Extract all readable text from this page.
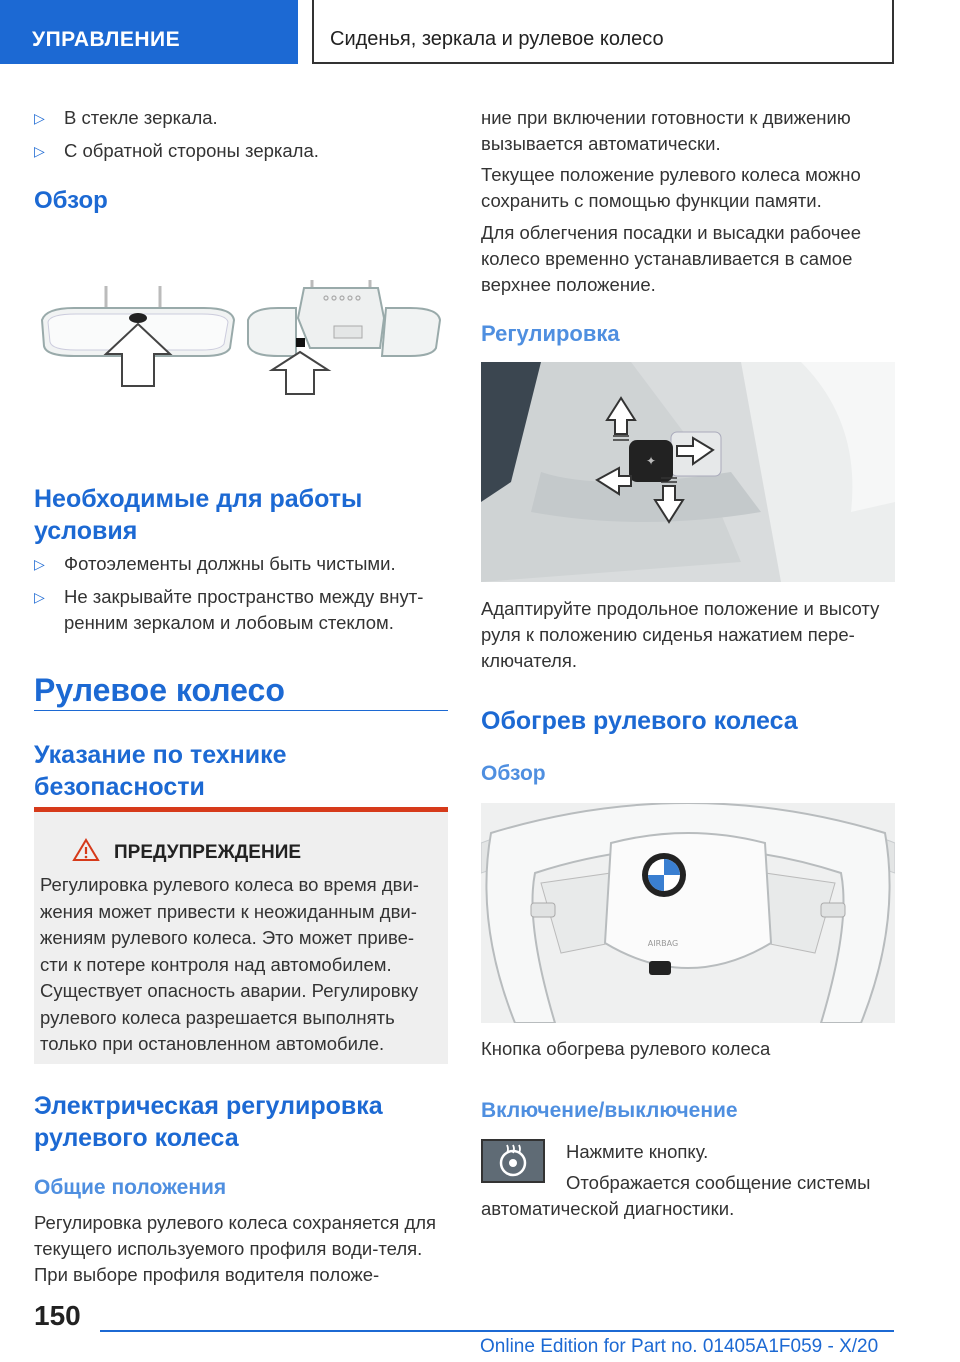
УПРАВЛЕНИЕ	Сиденья, зеркала и рулевое колесо
▷ В стекле зеркала.
▷ С обратной стороны зеркала.
Обзор
Необходимые для работы условия
▷ Фотоэлементы должны быть чистыми.
▷ Не закрывайте пространство между внут-ренним зеркалом и лобовым стеклом.
Рулевое колесо
Указание по технике безопасности
ПРЕДУПРЕЖДЕНИЕ
Регулировка рулевого колеса во время дви-жения может привести к неожиданным дви-жениям рулевого колеса. Это может приве-сти к потере контроля над автомобилем. Существует опасность аварии. Регулировку рулевого колеса разрешается выполнять только при остановленном автомобиле.
Электрическая регулировка рулевого колеса
Общие положения
Регулировка рулевого колеса сохраняется для текущего используемого профиля води-теля. При выборе профиля водителя положе-
ние при включении готовности к движению вызывается автоматически.
Текущее положение рулевого колеса можно сохранить с помощью функции памяти.
Для облегчения посадки и высадки рабочее колесо временно устанавливается в самое верхнее положение.
Регулировка
✦
Адаптируйте продольное положение и высоту руля к положению сиденья нажатием пере-ключателя.
Обогрев рулевого колеса
Обзор
AIRBAG
Кнопка обогрева рулевого колеса
Включение/выключение
Нажмите кнопку.
Отображается сообщение системы автоматической диагностики.
150
Online Edition for Part no. 01405A1F059 - X/20
